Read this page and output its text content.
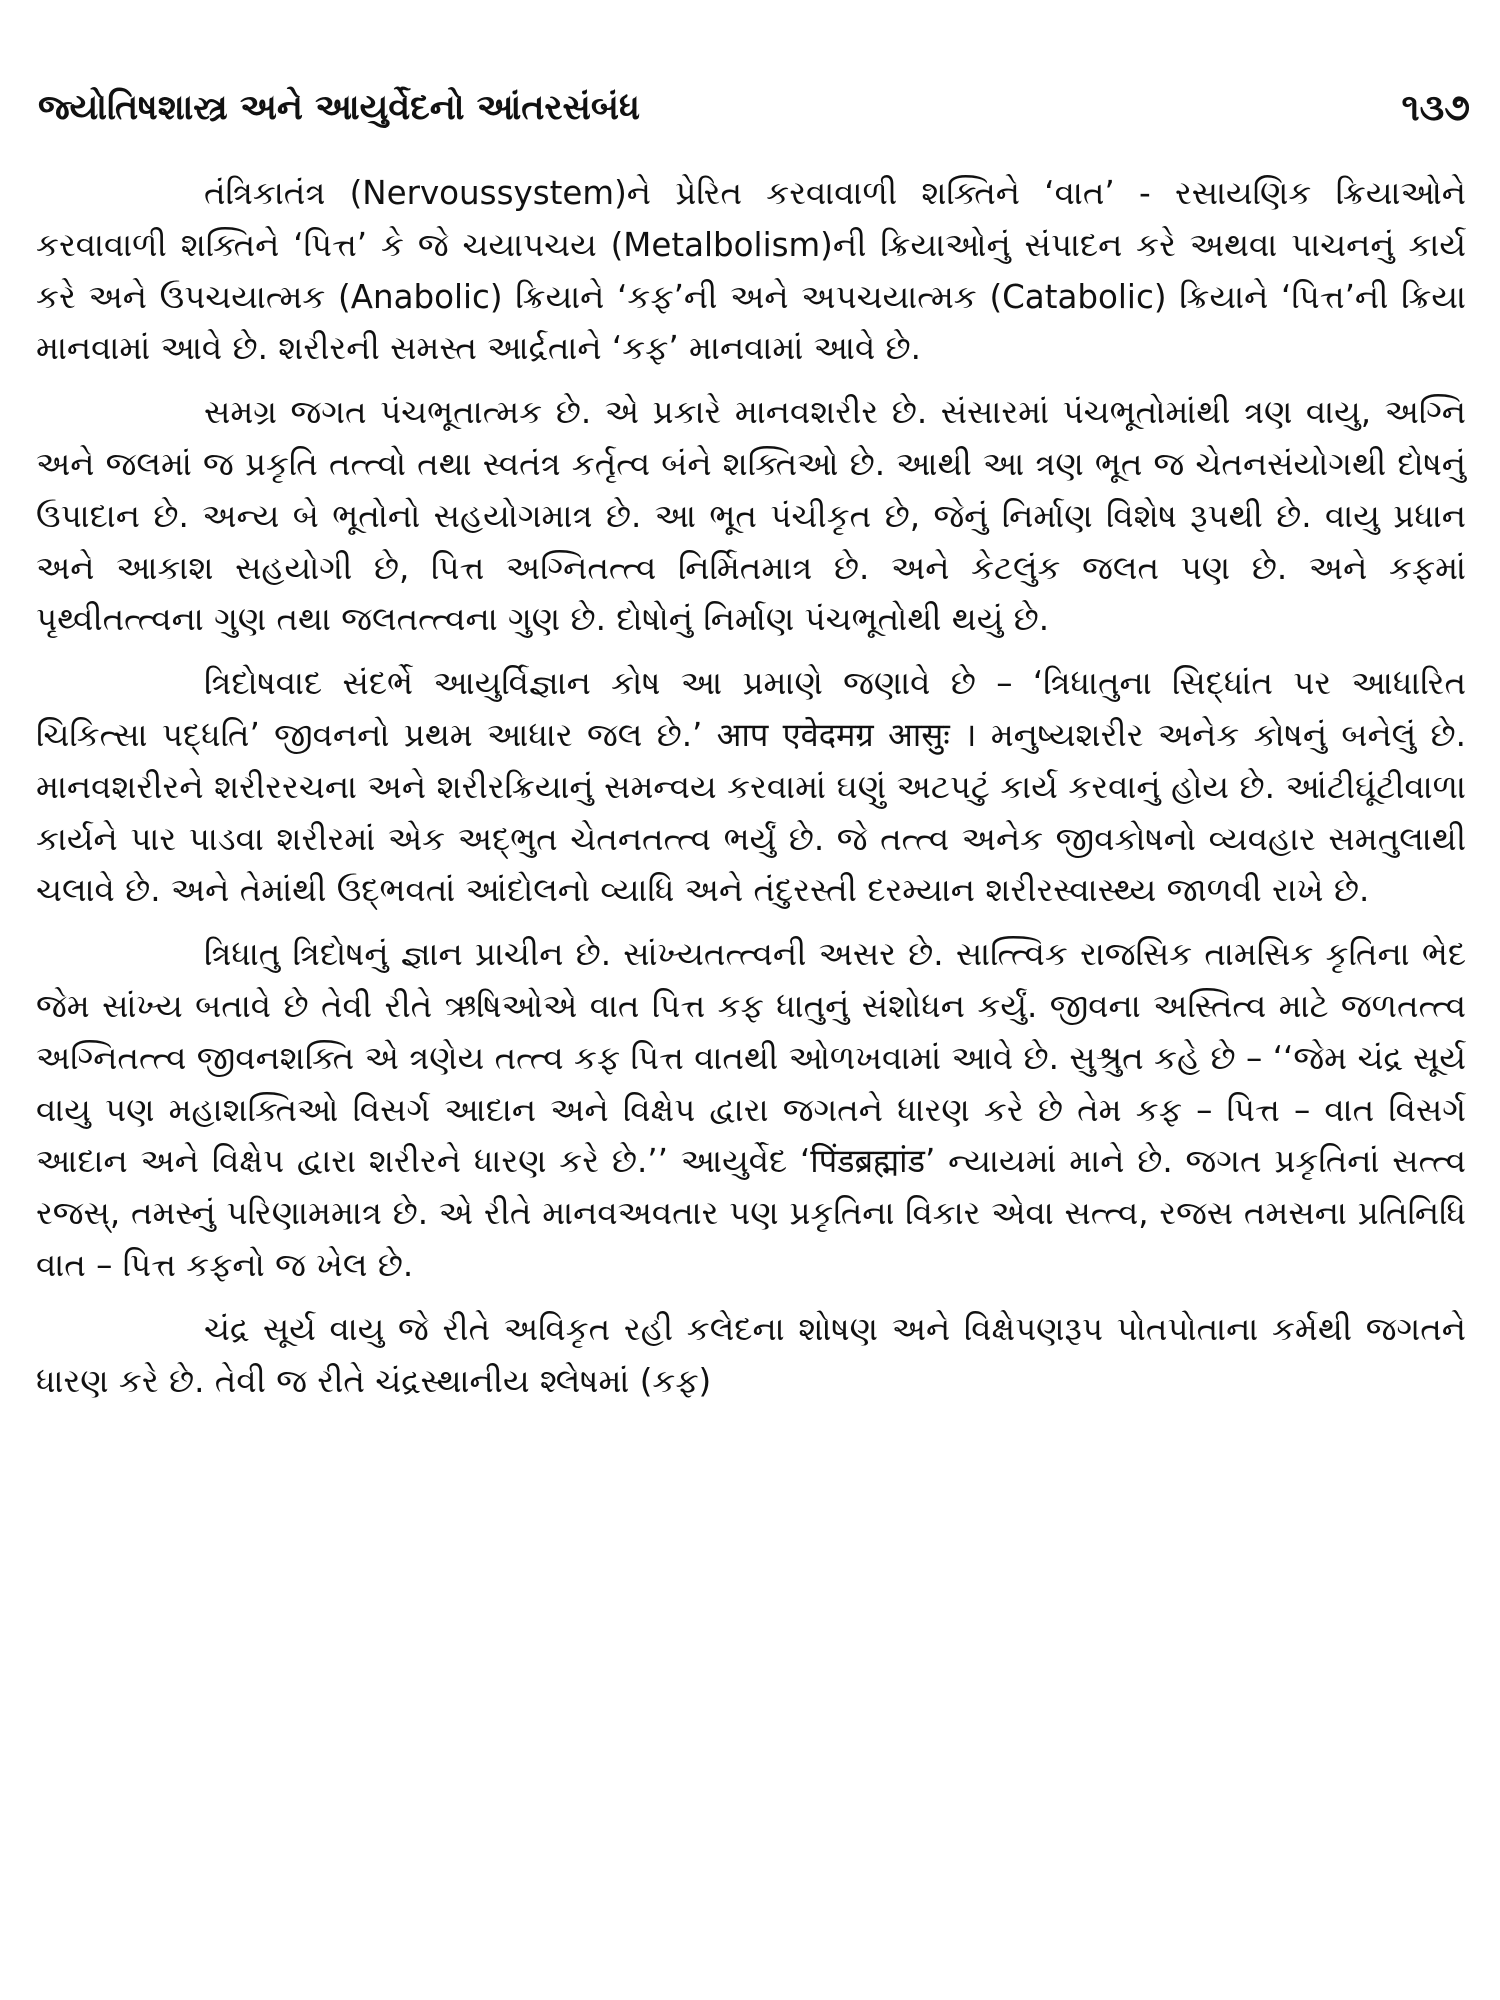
જ્યોતિષશાસ્ત્ર અને આયુર્વેદનો આંતરસંબંધ	૧૩૭

તંત્રિકાતંત્ર (Nervoussystem)ને પ્રેરિત કરવાવાળી શક્તિને ‘વાત’ - રસાયણિક ક્રિયાઓને કરવાવાળી શક્તિને ‘પિત્ત’ કે જે ચયાપચય (Metalbolism)ની ક્રિયાઓનું સંપાદન કરે અથવા પાચનનું કાર્ય કરે અને ઉપચયાત્મક (Anabolic) ક્રિયાને ‘કફ’ની અને અપચયાત્મક (Catabolic) ક્રિયાને ‘પિત્ત’ની ક્રિયા માનવામાં આવે છે. શરીરની સમસ્ત આર્દ્રતાને ‘કફ’ માનવામાં આવે છે.

સમગ્ર જગત પંચભૂતાત્મક છે. એ પ્રકારે માનવશરીર છે. સંસારમાં પંચભૂતોમાંથી ત્રણ વાયુ, અગ્નિ અને જલમાં જ પ્રકૃતિ તત્ત્વો તથા સ્વતંત્ર કર્તૃત્વ બંને શક્તિઓ છે. આથી આ ત્રણ ભૂત જ ચેતનસંયોગથી દોષનું ઉપાદાન છે. અન્ય બે ભૂતોનો સહયોગમાત્ર છે. આ ભૂત પંચીકૃત છે, જેનું નિર્માણ વિશેષ રૂપથી છે. વાયુ પ્રધાન અને આકાશ સહયોગી છે, પિત્ત અગ્નિતત્ત્વ નિર્મિતમાત્ર છે. અને કેટલુંક જલત પણ છે. અને કફમાં પૃથ્વીતત્ત્વના ગુણ તથા જલતત્ત્વના ગુણ છે. દોષોનું નિર્માણ પંચભૂતોથી થયું છે.

ત્રિદોષવાદ સંદર્ભે આયુર્વિજ્ઞાન કોષ આ પ્રમાણે જણાવે છે – ‘ત્રિધાતુના સિદ્ધાંત પર આધારિત ચિકિત્સા પદ્ધતિ’ જીવનનો પ્રથમ આધાર જલ છે.’ आप एवेदमग्र आसुः । મનુષ્યશરીર અનેક કોષનું બનેલું છે. માનવશરીરને શરીરરચના અને શરીરક્રિયાનું સમન્વય કરવામાં ઘણું અટપટું કાર્ય કરવાનું હોય છે. આંટીઘૂંટીવાળા કાર્યને પાર પાડવા શરીરમાં એક અદ્ભુત ચેતનતત્ત્વ ભર્યું છે. જે તત્ત્વ અનેક જીવકોષનો વ્યવહાર સમતુલાથી ચલાવે છે. અને તેમાંથી ઉદ્ભવતાં આંદોલનો વ્યાધિ અને તંદુરસ્તી દરમ્યાન શરીરસ્વાસ્થ્ય જાળવી રાખે છે.

ત્રિધાતુ ત્રિદોષનું જ્ઞાન પ્રાચીન છે. સાંખ્યતત્ત્વની અસર છે. સાત્ત્વિક રાજસિક તામસિક કૃતિના ભેદ જેમ સાંખ્ય બતાવે છે તેવી રીતે ઋષિઓએ વાત પિત્ત કફ ધાતુનું સંશોધન કર્યું. જીવના અસ્તિત્વ માટે જળતત્ત્વ અગ્નિતત્ત્વ જીવનશક્તિ એ ત્રણેય તત્ત્વ કફ પિત્ત વાતથી ઓળખવામાં આવે છે. સુશ્રુત કહે છે – ‘‘જેમ ચંદ્ર સૂર્ય વાયુ પણ મહાશક્તિઓ વિસર્ગ આદાન અને વિક્ષેપ દ્વારા જગતને ધારણ કરે છે તેમ કફ – પિત્ત – વાત વિસર્ગ આદાન અને વિક્ષેપ દ્વારા શરીરને ધારણ કરે છે.’’ આયુર્વેદ ‘पिंडब्रह्मांड’ ન્યાયમાં માને છે. જગત પ્રકૃતિનાં સત્ત્વ રજસ્, તમસ્નું પરિણામમાત્ર છે. એ રીતે માનવઅવતાર પણ પ્રકૃતિના વિકાર એવા સત્ત્વ, રજસ તમસના પ્રતિનિધિ વાત – પિત્ત કફનો જ ખેલ છે.

ચંદ્ર સૂર્ય વાયુ જે રીતે અવિકૃત રહી કલેદના શોષણ અને વિક્ષેપણરૂપ પોતપોતાના કર્મથી જગતને ધારણ કરે છે. તેવી જ રીતે ચંદ્રસ્થાનીય શ્લેષમાં (કફ)
